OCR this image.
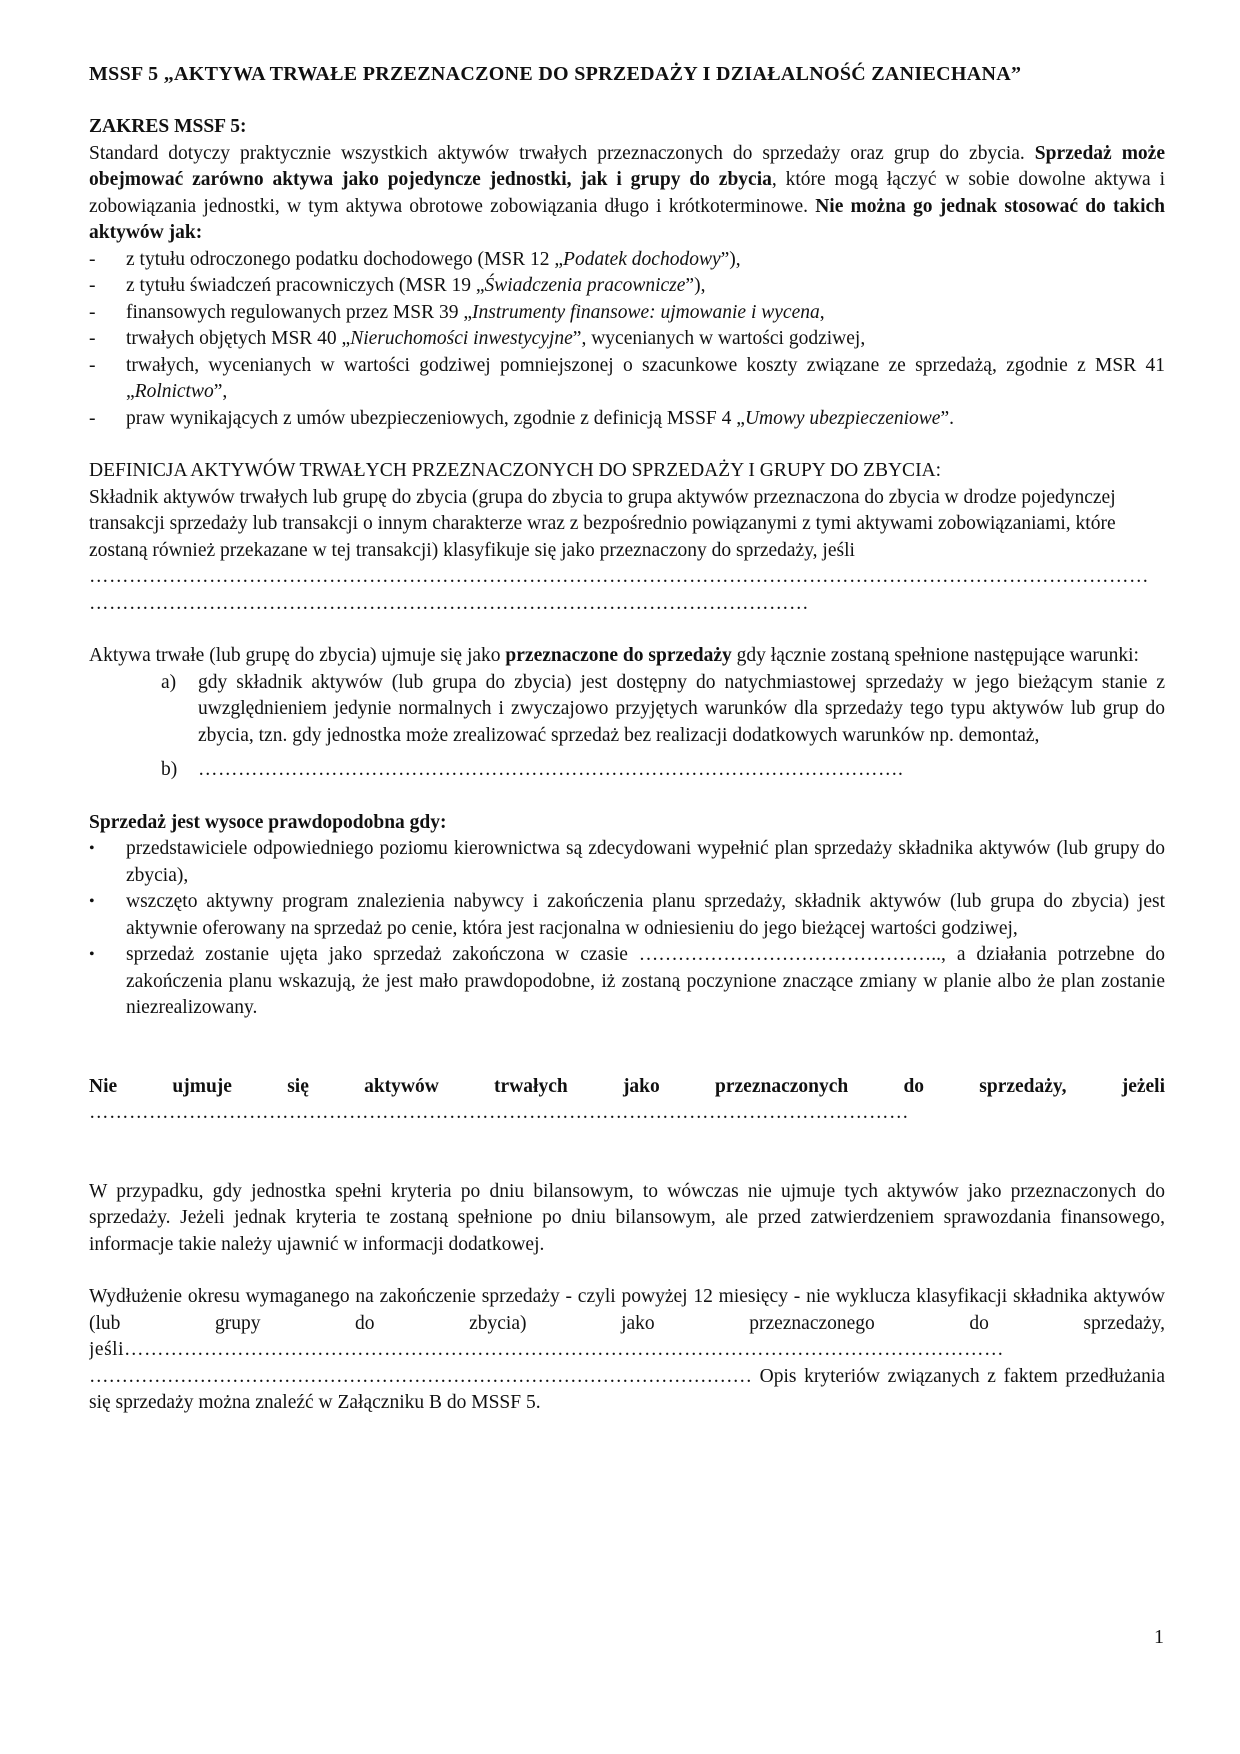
MSSF 5 „AKTYWA TRWAŁE PRZEZNACZONE DO SPRZEDAŻY I DZIAŁALNOŚĆ ZANIECHANA”

ZAKRES MSSF 5:

Standard dotyczy praktycznie wszystkich aktywów trwałych przeznaczonych do sprzedaży oraz grup do zbycia. Sprzedaż może obejmować zarówno aktywa jako pojedyncze jednostki, jak i grupy do zbycia, które mogą łączyć w sobie dowolne aktywa i zobowiązania jednostki, w tym aktywa obrotowe zobowiązania długo i krótkoterminowe. Nie można go jednak stosować do takich aktywów jak:

-	z tytułu odroczonego podatku dochodowego (MSR 12 „Podatek dochodowy”),
-	z tytułu świadczeń pracowniczych (MSR 19 „Świadczenia pracownicze”),
-	finansowych regulowanych przez MSR 39 „Instrumenty finansowe: ujmowanie i wycena,
-	trwałych objętych MSR 40 „Nieruchomości inwestycyjne”, wycenianych w wartości godziwej,
-	trwałych, wycenianych w wartości godziwej pomniejszonej o szacunkowe koszty związane ze sprzedażą, zgodnie z MSR 41 „Rolnictwo”,
-	praw wynikających z umów ubezpieczeniowych, zgodnie z definicją MSSF 4 „Umowy ubezpieczeniowe”.

DEFINICJA AKTYWÓW TRWAŁYCH PRZEZNACZONYCH DO SPRZEDAŻY I GRUPY DO ZBYCIA:

Składnik aktywów trwałych lub grupę do zbycia (grupa do zbycia to grupa aktywów przeznaczona do zbycia w drodze pojedynczej transakcji sprzedaży lub transakcji o innym charakterze wraz z bezpośrednio powiązanymi z tymi aktywami zobowiązaniami, które zostaną również przekazane w tej transakcji) klasyfikuje się jako przeznaczony do sprzedaży, jeśli

……………………………………………………………………………………………………………………………………………
………………………………………………………………………………………………

Aktywa trwałe (lub grupę do zbycia) ujmuje się jako przeznaczone do sprzedaży gdy łącznie zostaną spełnione następujące warunki:

a)	gdy składnik aktywów (lub grupa do zbycia) jest dostępny do natychmiastowej sprzedaży w jego bieżącym stanie z uwzględnieniem jedynie normalnych i zwyczajowo przyjętych warunków dla sprzedaży tego typu aktywów lub grup do zbycia, tzn. gdy jednostka może zrealizować sprzedaż bez realizacji dodatkowych warunków np. demontaż,
b)	…………………………………………………………………………………………….

Sprzedaż jest wysoce prawdopodobna gdy:

•	przedstawiciele odpowiedniego poziomu kierownictwa są zdecydowani wypełnić plan sprzedaży składnika aktywów (lub grupy do zbycia),
•	wszczęto aktywny program znalezienia nabywcy i zakończenia planu sprzedaży, składnik aktywów (lub grupa do zbycia) jest aktywnie oferowany na sprzedaż po cenie, która jest racjonalna w odniesieniu do jego bieżącej wartości godziwej,
•	sprzedaż zostanie ujęta jako sprzedaż zakończona w czasie ……………………………………….., a działania potrzebne do zakończenia planu wskazują, że jest mało prawdopodobne, iż zostaną poczynione znaczące zmiany w planie albo że plan zostanie niezrealizowany.

Nie ujmuje się aktywów trwałych jako przeznaczonych do sprzedaży, jeżeli

……………………………………………………………………………………………………………

W przypadku, gdy jednostka spełni kryteria po dniu bilansowym, to wówczas nie ujmuje tych aktywów jako przeznaczonych do sprzedaży. Jeżeli jednak kryteria te zostaną spełnione po dniu bilansowym, ale przed zatwierdzeniem sprawozdania finansowego, informacje takie należy ujawnić w informacji dodatkowej.

Wydłużenie okresu wymaganego na zakończenie sprzedaży - czyli powyżej 12 miesięcy - nie wyklucza klasyfikacji składnika aktywów (lub grupy do zbycia) jako przeznaczonego do sprzedaży,

jeśli……………………………………………………………………………………………………………………

………………………………………………………………………………………… Opis kryteriów związanych z faktem przedłużania się sprzedaży można znaleźć w Załączniku B do MSSF 5.

1
